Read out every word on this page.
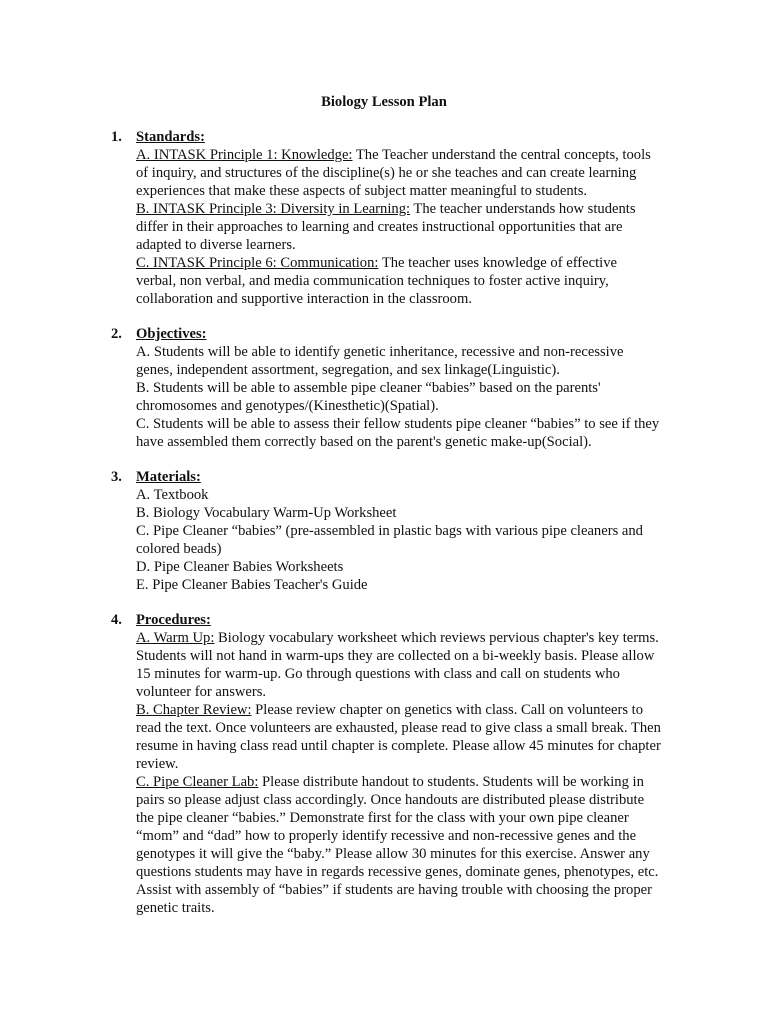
Biology Lesson Plan
1. Standards:
A. INTASK Principle 1: Knowledge: The Teacher understand the central concepts, tools
of inquiry, and structures of the discipline(s) he or she teaches and can create learning
experiences that make these aspects of subject matter meaningful to students.
B. INTASK Principle 3: Diversity in Learning: The teacher understands how students
differ in their approaches to learning and creates instructional opportunities that are
adapted to diverse learners.
C. INTASK Principle 6: Communication: The teacher uses knowledge of effective
verbal, non verbal, and media communication techniques to foster active inquiry,
collaboration and supportive interaction in the classroom.
2. Objectives:
A. Students will be able to identify genetic inheritance, recessive and non-recessive
genes, independent assortment, segregation, and sex linkage(Linguistic).
B. Students will be able to assemble pipe cleaner “babies” based on the parents'
chromosomes and genotypes/(Kinesthetic)(Spatial).
C. Students will be able to assess their fellow students pipe cleaner “babies” to see if they
have assembled them correctly based on the parent's genetic make-up(Social).
3. Materials:
A. Textbook
B. Biology Vocabulary Warm-Up Worksheet
C. Pipe Cleaner “babies” (pre-assembled in plastic bags with various pipe cleaners and
colored beads)
D. Pipe Cleaner Babies Worksheets
E. Pipe Cleaner Babies Teacher's Guide
4. Procedures:
A. Warm Up: Biology vocabulary worksheet which reviews pervious chapter's key terms.
Students will not hand in warm-ups they are collected on a bi-weekly basis. Please allow
15 minutes for warm-up. Go through questions with class and call on students who
volunteer for answers.
B. Chapter Review: Please review chapter on genetics with class. Call on volunteers to
read the text. Once volunteers are exhausted, please read to give class a small break. Then
resume in having class read until chapter is complete. Please allow 45 minutes for chapter
review.
C. Pipe Cleaner Lab: Please distribute handout to students. Students will be working in
pairs so please adjust class accordingly. Once handouts are distributed please distribute
the pipe cleaner “babies.” Demonstrate first for the class with your own pipe cleaner
“mom” and “dad” how to properly identify recessive and non-recessive genes and the
genotypes it will give the “baby.” Please allow 30 minutes for this exercise. Answer any
questions students may have in regards recessive genes, dominate genes, phenotypes, etc.
Assist with assembly of “babies” if students are having trouble with choosing the proper
genetic traits.
